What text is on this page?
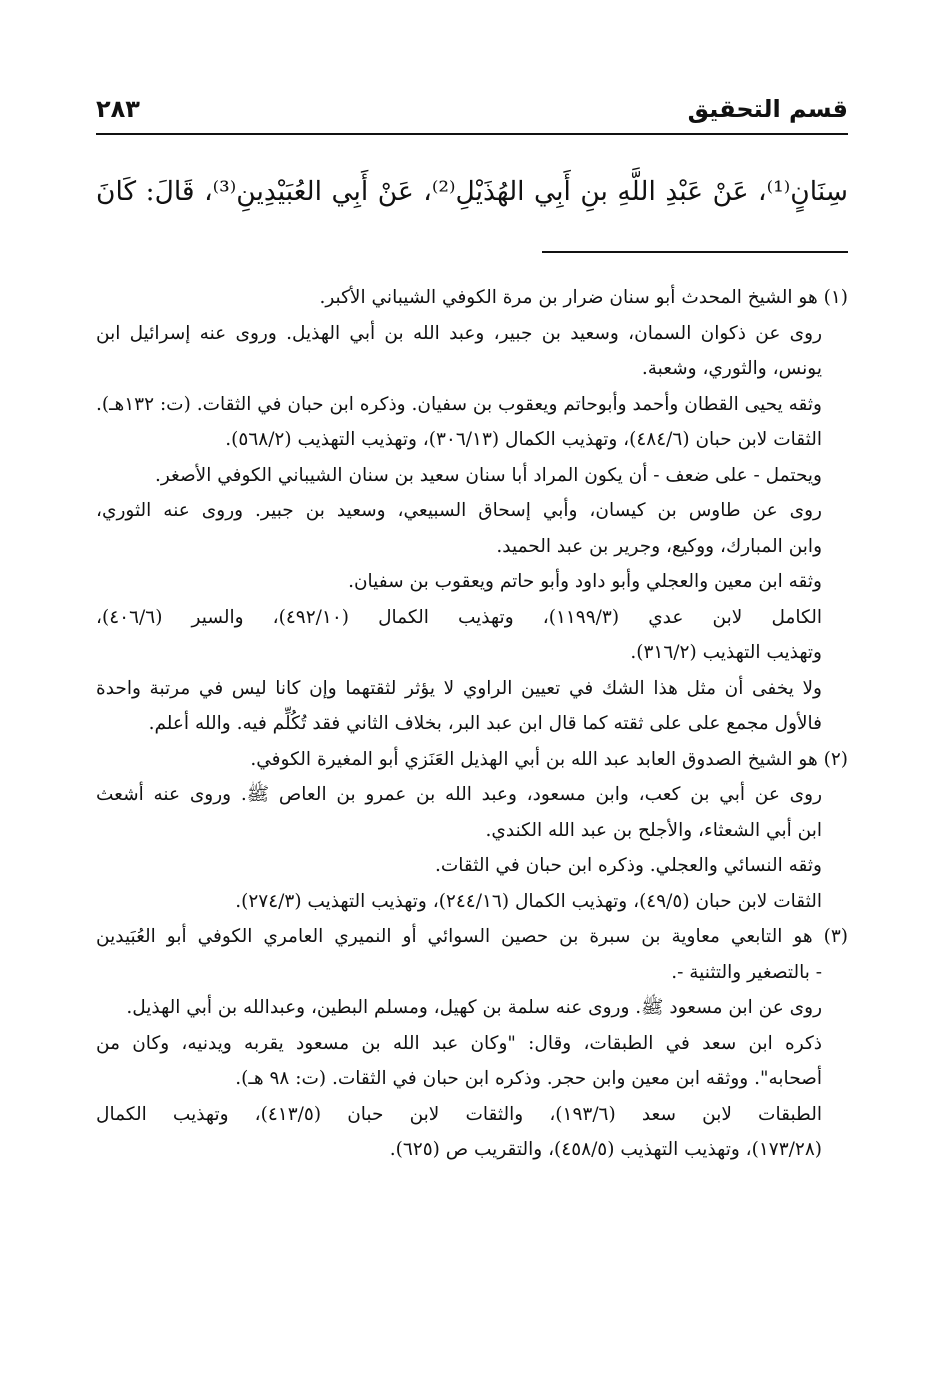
قسم التحقيق
٢٨٣
سِنَانٍ⁽¹⁾، عَنْ عَبْدِ اللَّهِ بنِ أَبِي الهُذَيْلِ⁽²⁾، عَنْ أَبِي العُبَيْدِينِ⁽³⁾، قَالَ: كَانَ
(١) هو الشيخ المحدث أبو سنان ضرار بن مرة الكوفي الشيباني الأكبر.
روى عن ذكوان السمان، وسعيد بن جبير، وعبد الله بن أبي الهذيل. وروى عنه إسرائيل ابن
يونس، والثوري، وشعبة.
وثقه يحيى القطان وأحمد وأبوحاتم ويعقوب بن سفيان. وذكره ابن حبان في الثقات. (ت: ١٣٢هـ).
الثقات لابن حبان (٤٨٤/٦)، وتهذيب الكمال (٣٠٦/١٣)، وتهذيب التهذيب (٥٦٨/٢).
ويحتمل - على ضعف - أن يكون المراد أبا سنان سعيد بن سنان الشيباني الكوفي الأصغر.
روى عن طاوس بن كيسان، وأبي إسحاق السبيعي، وسعيد بن جبير. وروى عنه الثوري،
وابن المبارك، ووكيع، وجرير بن عبد الحميد.
وثقه ابن معين والعجلي وأبو داود وأبو حاتم ويعقوب بن سفيان.
الكامل لابن عدي (١١٩٩/٣)، وتهذيب الكمال (٤٩٢/١٠)، والسير (٤٠٦/٦)،
وتهذيب التهذيب (٣١٦/٢).
ولا يخفى أن مثل هذا الشك في تعيين الراوي لا يؤثر لثقتهما وإن كانا ليس في مرتبة واحدة
فالأول مجمع على على ثقته كما قال ابن عبد البر، بخلاف الثاني فقد تُكُلِّم فيه. والله أعلم.
(٢) هو الشيخ الصدوق العابد عبد الله بن أبي الهذيل العَنَزي أبو المغيرة الكوفي.
روى عن أبي بن كعب، وابن مسعود، وعبد الله بن عمرو بن العاص ﷺ. وروى عنه أشعث
ابن أبي الشعثاء، والأجلح بن عبد الله الكندي.
وثقه النسائي والعجلي. وذكره ابن حبان في الثقات.
الثقات لابن حبان (٤٩/٥)، وتهذيب الكمال (٢٤٤/١٦)، وتهذيب التهذيب (٢٧٤/٣).
(٣) هو التابعي معاوية بن سبرة بن حصين السوائي أو النميري العامري الكوفي أبو العُبَيدين
- بالتصغير والتثنية -.
روى عن ابن مسعود ﷺ. وروى عنه سلمة بن كهيل، ومسلم البطين، وعبدالله بن أبي الهذيل.
ذكره ابن سعد في الطبقات، وقال: "وكان عبد الله بن مسعود يقربه ويدنيه، وكان من
أصحابه". ووثقه ابن معين وابن حجر. وذكره ابن حبان في الثقات. (ت: ٩٨ هـ).
الطبقات لابن سعد (١٩٣/٦)، والثقات لابن حبان (٤١٣/٥)، وتهذيب الكمال
(١٧٣/٢٨)، وتهذيب التهذيب (٤٥٨/٥)، والتقريب ص (٦٢٥).
